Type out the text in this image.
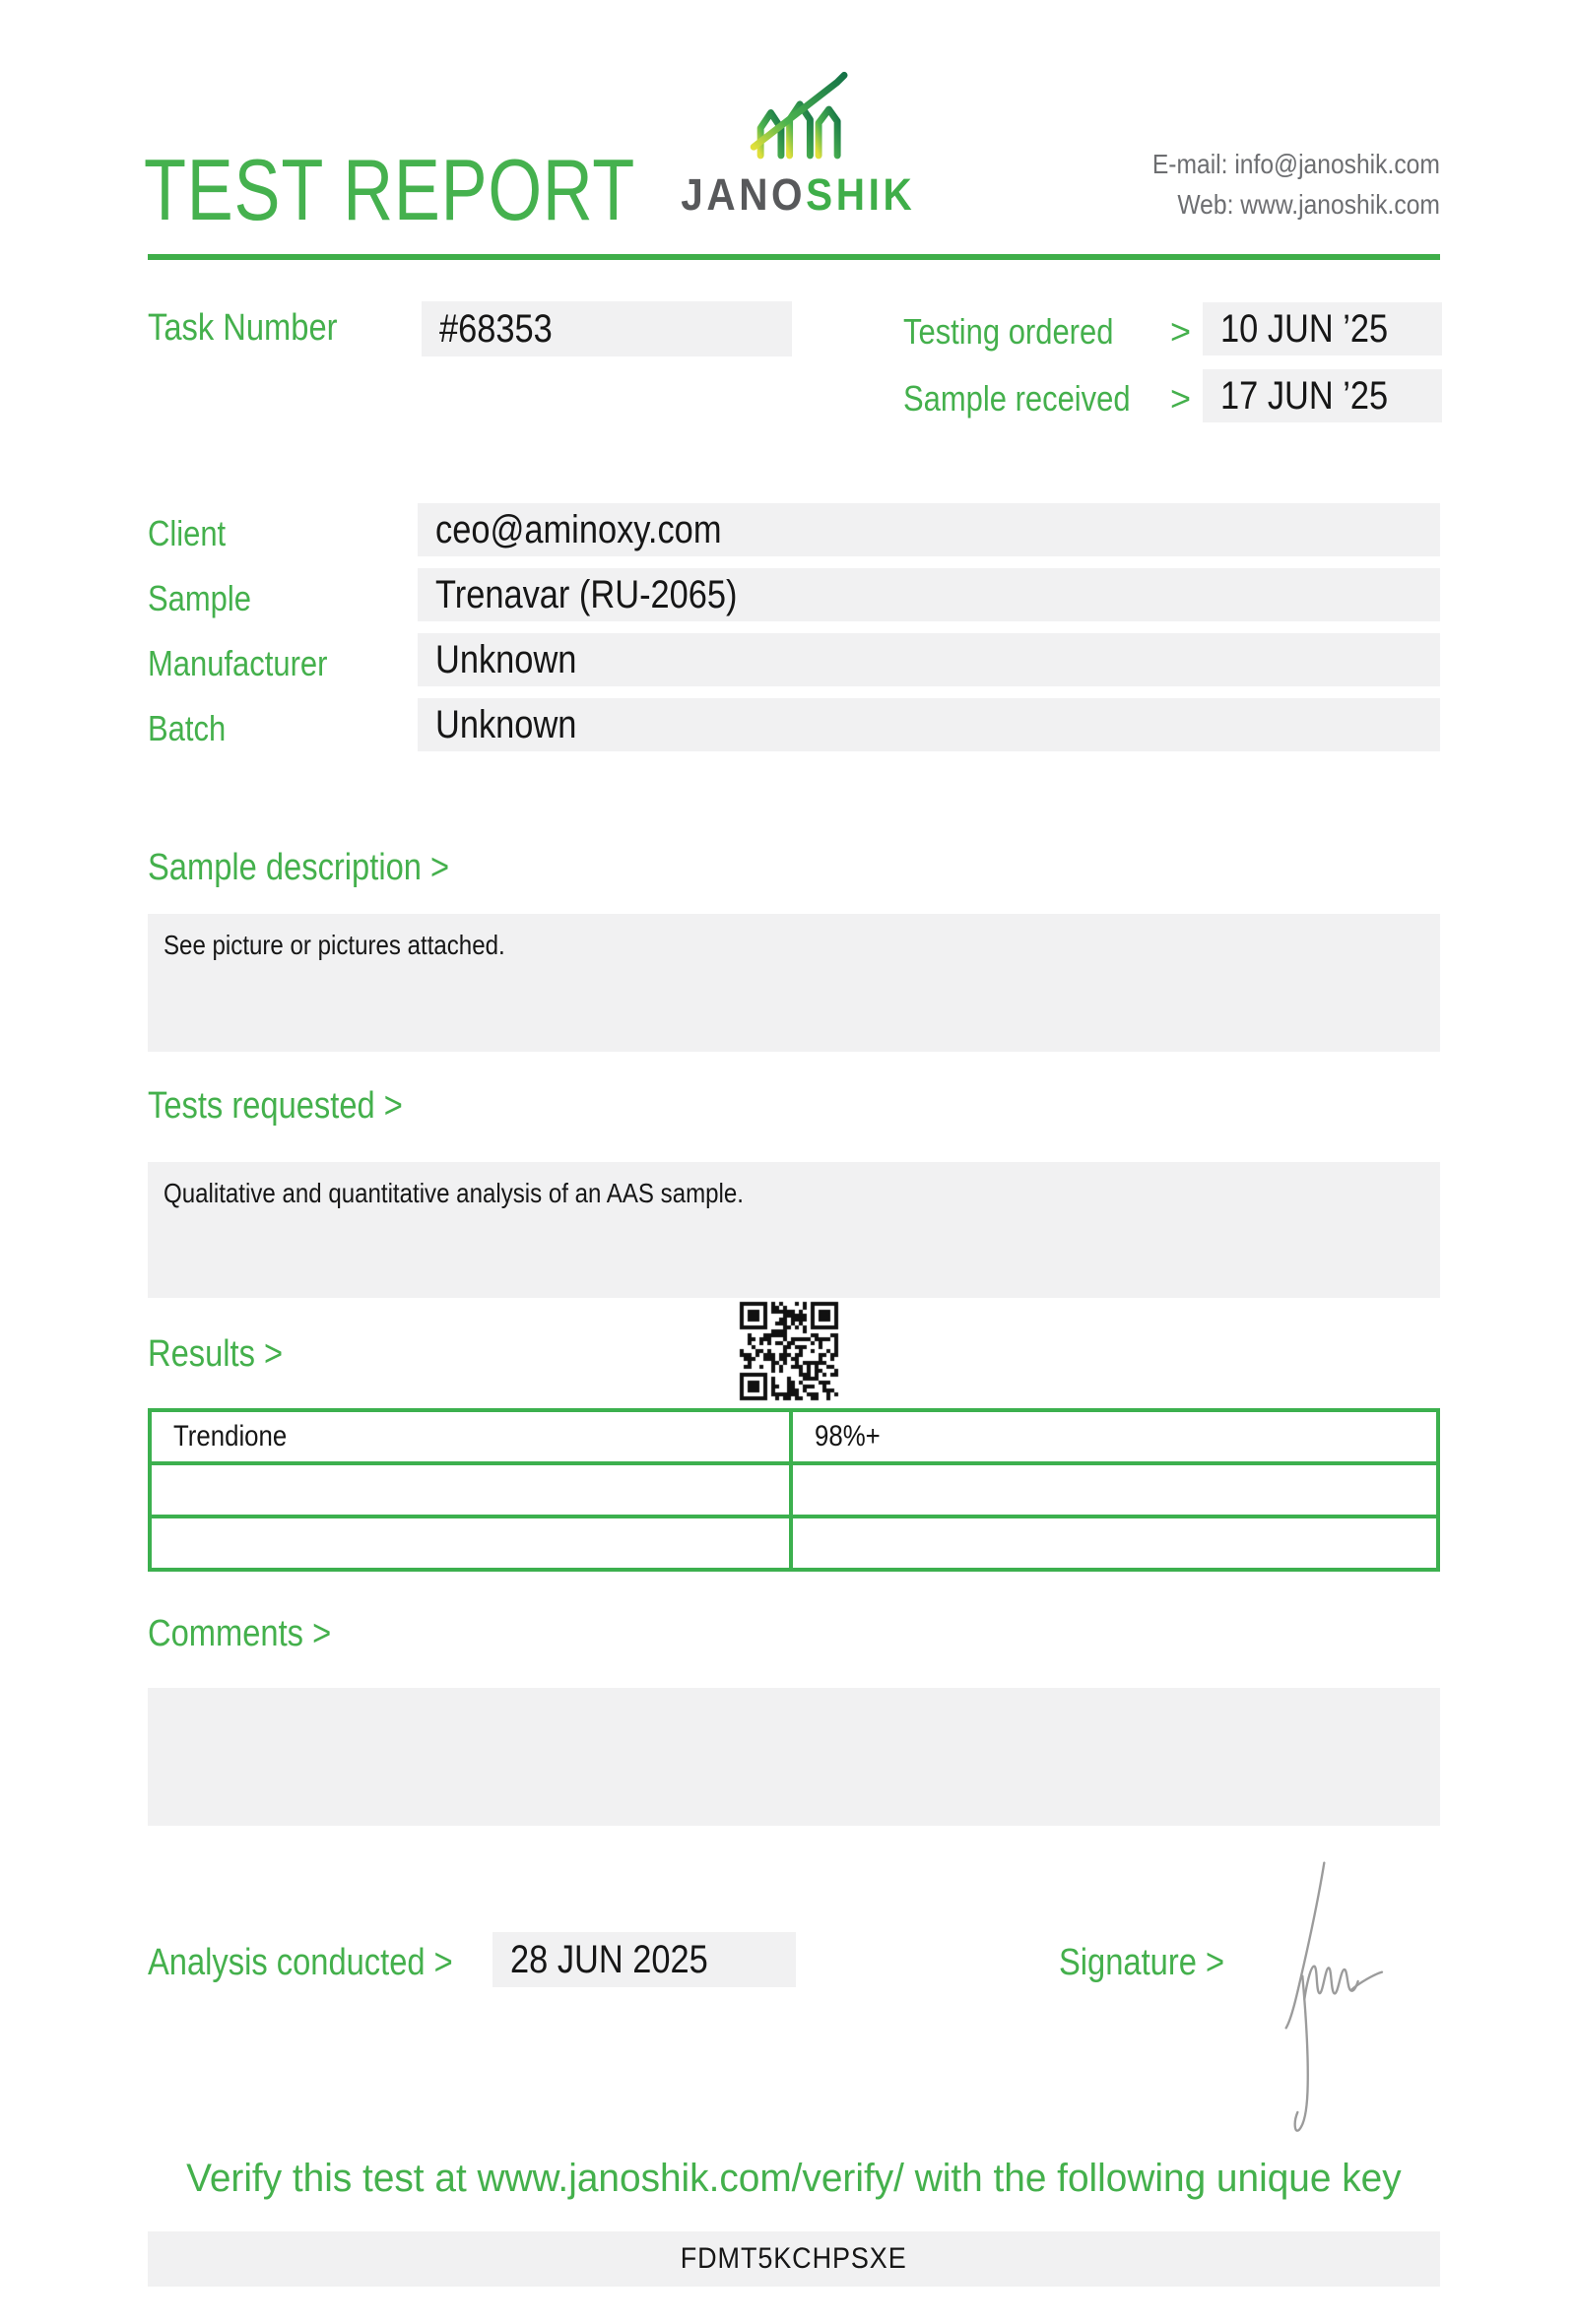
TEST REPORT	JANOSHIK
E-mail: info@janoshik.com
Web: www.janoshik.com
Task Number	#68353	Testing ordered > 10 JUN ’25
Sample received > 17 JUN ’25
Client	ceo@aminoxy.com
Sample	Trenavar (RU-2065)
Manufacturer	Unknown
Batch	Unknown
Sample description >
See picture or pictures attached.
Tests requested >
Qualitative and quantitative analysis of an AAS sample.
Results >
Trendione	98%+

Comments >
Analysis conducted >	28 JUN 2025	Signature >
Verify this test at www.janoshik.com/verify/ with the following unique key
FDMT5KCHPSXE
